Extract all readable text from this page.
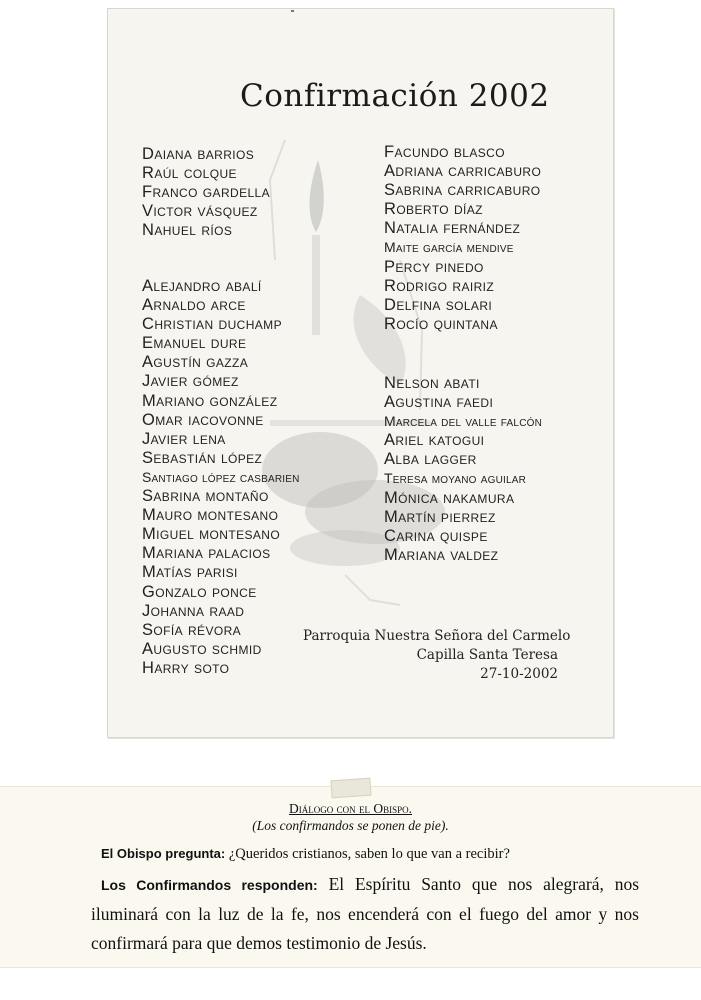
Confirmación 2002
Daiana barrios
Raúl colque
Franco gardella
Victor vásquez
Nahuel ríos
Alejandro abalí
Arnaldo arce
Christian duchamp
Emanuel dure
Agustín gazza
Javier gómez
Mariano gonzález
Omar iacovonne
Javier lena
Sebastián lópez
Santiago lópez casbarien
Sabrina montaño
Mauro montesano
Miguel montesano
Mariana palacios
Matías parisi
Gonzalo ponce
Johanna raad
Sofía révora
Augusto schmid
Harry soto
Facundo blasco
Adriana carricaburo
Sabrina carricaburo
Roberto díaz
Natalia fernández
Maite garcía mendive
Percy pinedo
Rodrigo rairiz
Delfina solari
Rocío quintana
Nelson abati
Agustina faedi
Marcela del valle falcón
Ariel katogui
Alba lagger
Teresa moyano aguilar
Mónica nakamura
Martín pierrez
Carina quispe
Mariana valdez
Parroquia Nuestra Señora del Carmelo
Capilla Santa Teresa
27-10-2002
Diálogo con el Obispo.
(Los confirmandos se ponen de pie).
El Obispo pregunta: ¿Queridos cristianos, saben lo que van a recibir?
Los Confirmandos responden: El Espíritu Santo que nos alegrará, nos iluminará con la luz de la fe, nos encenderá con el fuego del amor y nos confirmará para que demos testimonio de Jesús.
